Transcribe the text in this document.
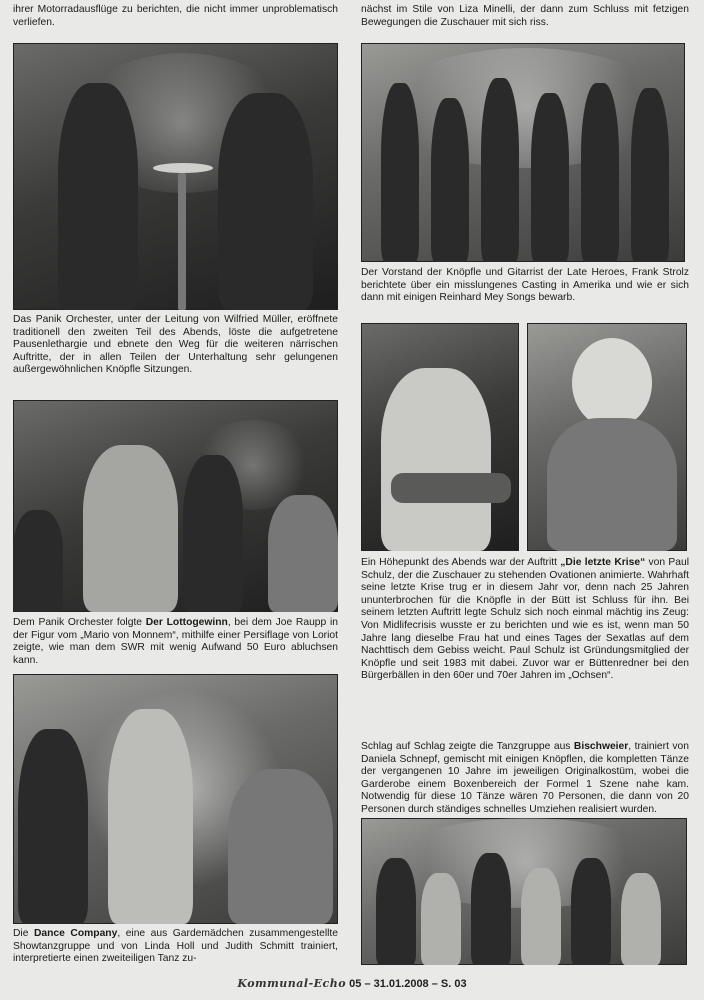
ihrer Motorradausflüge zu berichten, die nicht immer unproblematisch verliefen.

Das Panik Orchester, unter der Leitung von Wilfried Müller, eröffnete traditionell den zweiten Teil des Abends, löste die aufgetretene Pausenlethargie und ebnete den Weg für die weiteren närrischen Auftritte, der in allen Teilen der Unterhaltung sehr gelungenen außergewöhnlichen Knöpfle Sitzungen.

Dem Panik Orchester folgte Der Lottogewinn, bei dem Joe Raupp in der Figur vom „Mario von Monnem“, mithilfe einer Persiflage von Loriot zeigte, wie man dem SWR mit wenig Aufwand 50 Euro abluchsen kann.

Die Dance Company, eine aus Gardemädchen zusammengestellte Showtanzgruppe und von Linda Holl und Judith Schmitt trainiert, interpretierte einen zweiteiligen Tanz zu-

nächst im Stile von Liza Minelli, der dann zum Schluss mit fetzigen Bewegungen die Zuschauer mit sich riss.

Der Vorstand der Knöpfle und Gitarrist der Late Heroes, Frank Strolz berichtete über ein misslungenes Casting in Amerika und wie er sich dann mit einigen Reinhard Mey Songs bewarb.

Ein Höhepunkt des Abends war der Auftritt „Die letzte Krise“ von Paul Schulz, der die Zuschauer zu stehenden Ovationen animierte. Wahrhaft seine letzte Krise trug er in diesem Jahr vor, denn nach 25 Jahren ununterbrochen für die Knöpfle in der Bütt ist Schluss für ihn. Bei seinem letzten Auftritt legte Schulz sich noch einmal mächtig ins Zeug: Von Midlifecrisis wusste er zu berichten und wie es ist, wenn man 50 Jahre lang dieselbe Frau hat und eines Tages der Sexatlas auf dem Nachttisch dem Gebiss weicht. Paul Schulz ist Gründungsmitglied der Knöpfle und seit 1983 mit dabei. Zuvor war er Büttenredner bei den Bürgerbällen in den 60er und 70er Jahren im „Ochsen“.

Schlag auf Schlag zeigte die Tanzgruppe aus Bischweier, trainiert von Daniela Schnepf, gemischt mit einigen Knöpflen, die kompletten Tänze der vergangenen 10 Jahre im jeweiligen Originalkostüm, wobei die Garderobe einem Boxenbereich der Formel 1 Szene nahe kam. Notwendig für diese 10 Tänze wären 70 Personen, die dann von 20 Personen durch ständiges schnelles Umziehen realisiert wurden.

Kommunal-Echo 05 – 31.01.2008 – S. 03
